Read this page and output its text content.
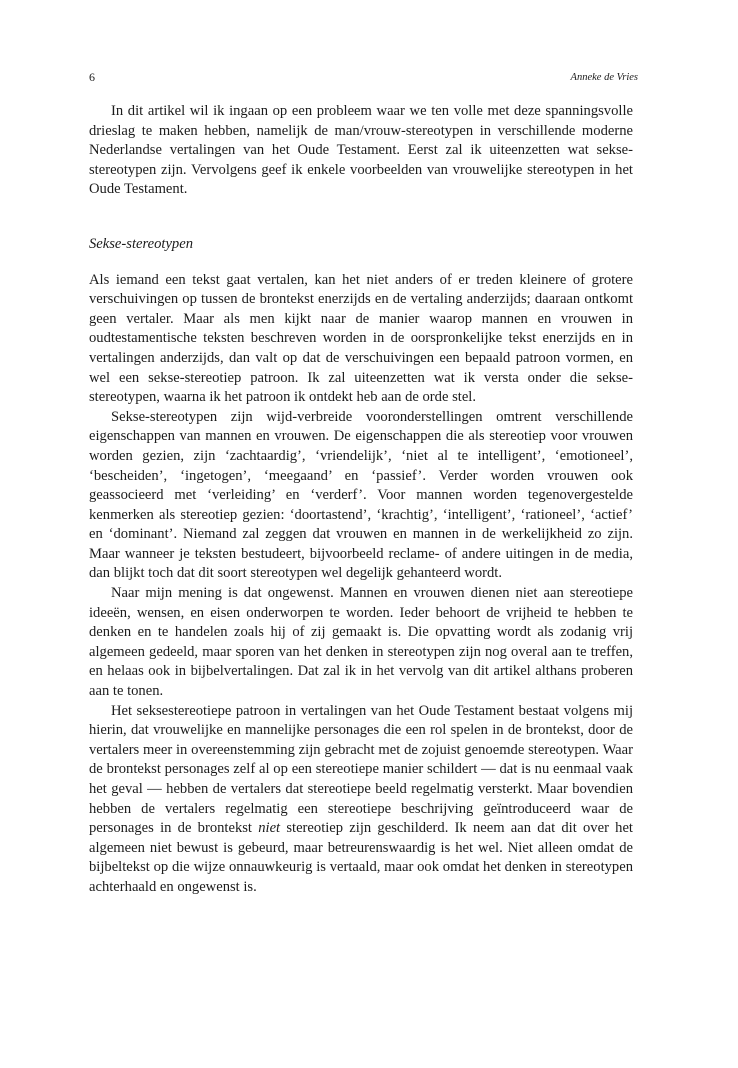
6	Anneke de Vries

In dit artikel wil ik ingaan op een probleem waar we ten volle met deze spanningsvolle drieslag te maken hebben, namelijk de man/vrouw-stereotypen in verschillende moderne Nederlandse vertalingen van het Oude Testament. Eerst zal ik uiteenzetten wat sekse-stereotypen zijn. Vervolgens geef ik enkele voorbeelden van vrouwelijke stereotypen in het Oude Testament.

Sekse-stereotypen

Als iemand een tekst gaat vertalen, kan het niet anders of er treden kleinere of grotere verschuivingen op tussen de brontekst enerzijds en de vertaling anderzijds; daaraan ontkomt geen vertaler. Maar als men kijkt naar de manier waarop mannen en vrouwen in oudtestamentische teksten beschreven worden in de oorspronkelijke tekst enerzijds en in vertalingen anderzijds, dan valt op dat de verschuivingen een bepaald patroon vormen, en wel een sekse-stereotiep patroon. Ik zal uiteenzetten wat ik versta onder die sekse-stereotypen, waarna ik het patroon ik ontdekt heb aan de orde stel.

Sekse-stereotypen zijn wijd-verbreide vooronderstellingen omtrent verschillende eigenschappen van mannen en vrouwen. De eigenschappen die als stereotiep voor vrouwen worden gezien, zijn ‘zachtaardig’, ‘vriendelijk’, ‘niet al te intelligent’, ‘emotioneel’, ‘bescheiden’, ‘ingetogen’, ‘meegaand’ en ‘passief’. Verder worden vrouwen ook geassocieerd met ‘verleiding’ en ‘verderf’. Voor mannen worden tegenovergestelde kenmerken als stereotiep gezien: ‘doortastend’, ‘krachtig’, ‘intelligent’, ‘rationeel’, ‘actief’ en ‘dominant’. Niemand zal zeggen dat vrouwen en mannen in de werkelijkheid zo zijn. Maar wanneer je teksten bestudeert, bijvoorbeeld reclame- of andere uitingen in de media, dan blijkt toch dat dit soort stereotypen wel degelijk gehanteerd wordt.

Naar mijn mening is dat ongewenst. Mannen en vrouwen dienen niet aan stereotiepe ideeën, wensen, en eisen onderworpen te worden. Ieder behoort de vrijheid te hebben te denken en te handelen zoals hij of zij gemaakt is. Die opvatting wordt als zodanig vrij algemeen gedeeld, maar sporen van het denken in stereotypen zijn nog overal aan te treffen, en helaas ook in bijbelvertalingen. Dat zal ik in het vervolg van dit artikel althans proberen aan te tonen.

Het seksestereotiepe patroon in vertalingen van het Oude Testament bestaat volgens mij hierin, dat vrouwelijke en mannelijke personages die een rol spelen in de brontekst, door de vertalers meer in overeenstemming zijn gebracht met de zojuist genoemde stereotypen. Waar de brontekst personages zelf al op een stereotiepe manier schildert — dat is nu eenmaal vaak het geval — hebben de vertalers dat stereotiepe beeld regelmatig versterkt. Maar bovendien hebben de vertalers regelmatig een stereotiepe beschrijving geïntroduceerd waar de personages in de brontekst niet stereotiep zijn geschilderd. Ik neem aan dat dit over het algemeen niet bewust is gebeurd, maar betreurenswaardig is het wel. Niet alleen omdat de bijbeltekst op die wijze onnauwkeurig is vertaald, maar ook omdat het denken in stereotypen achterhaald en ongewenst is.
